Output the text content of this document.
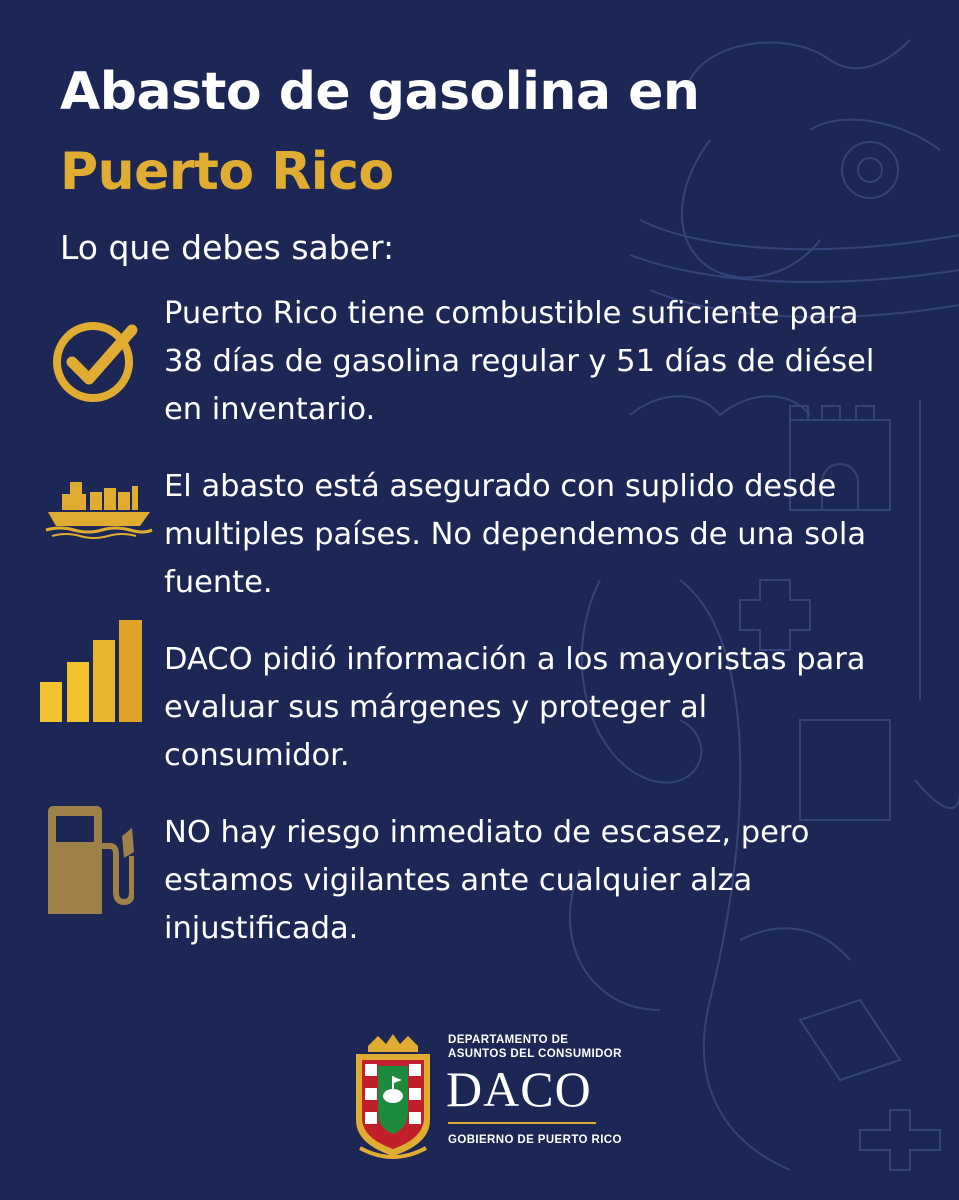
Abasto de gasolina en
Puerto Rico

Lo que debes saber:

Puerto Rico tiene combustible suficiente para 38 días de gasolina regular y 51 días de diésel en inventario.

El abasto está asegurado con suplido desde multiples países. No dependemos de una sola fuente.

DACO pidió información a los mayoristas para evaluar sus márgenes y proteger al consumidor.

NO hay riesgo inmediato de escasez, pero estamos vigilantes ante cualquier alza injustificada.

DEPARTAMENTO DE
ASUNTOS DEL CONSUMIDOR
DACO
GOBIERNO DE PUERTO RICO
